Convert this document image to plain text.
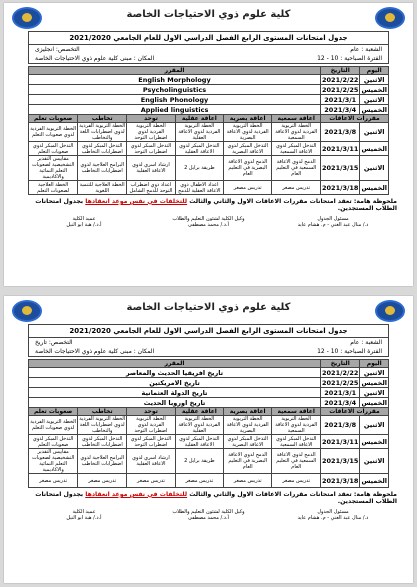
كلية علوم ذوي الاحتياجات الخاصة
جدول امتحانات المستوى الرابع الفصل الدراسي الاول للعام الجامعي 2021/2020
الشعبة : عام
التخصص: انجليزى
الفترة الصباحية : 10 - 12
المكان : مبنى كلية علوم ذوي الاحتياجات الخاصة
اليوم	التاريخ	المقرر					
الاثنين	2021/2/22	English Morphology					
الخميس	2021/2/25	Psycholinguistics					
الاثنين	2021/3/1	English Phonology					
الخميس	2021/3/4	Applied linguistics					
مقررات الاعاقات		اعاقة سمعية	اعاقة بصرية	اعاقة عقلية	توحد	تخاطب	صعوبات تعلم
الاثنين	2021/3/8	الخطة التربوية الفردية لذوي الاعاقة السمعية	الخطة التربوية الفردية لذوي الاعاقة البصرية	الخطة التربوية الفردية لذوي الاعاقة العقلية	الخطة التربوية الفردية لذوي اضطراب التوحد	الخطة التربوية الفردية لذوي اضطرابات اللغة والتخاطب	الخطة التربوية الفردية لذوي صعوبات التعلم
الخميس	2021/3/11	التدخل المبكر لذوي الاعاقة السمعية	التدخل المبكر لذوي الاعاقة البصرية	التدخل المبكر لذوي الاعاقة العقلية	التدخل المبكر لذوي اضطراب التوحد	التدخل المبكر لذوي اضطرابات التخاطب	التدخل المبكر لذوي صعوبات التعلم
الاثنين	2021/3/15	الدمج لذوي الاعاقة السمعية في التعليم العام	الدمج لذوي الاعاقة البصرية في التعليم العام	طريقة برايل 2	ارشاد اسري لذوي الاعاقة العقلية	البرامج العلاجية لذوي اضطرابات التخاطب	مقاييس التقدير التشخيصية لصعوبات التعلم النمائية والاكاديمية
الخميس	2021/3/18	تدريس مصغر	تدريس مصغر	اعداد الاطفال ذوي الاعاقة العقلية للدمج	اعداد ذوي اضطراب التوحد للدمج الشامل	الخطة العلاجية للتنمية اللغوية	الخطة العلاجية لصعوبات التعلم
ملحوظة هامة: تعقد امتحانات مقررات الاعاقات الاول والثاني والثالث للتخلفات في نفس موعد انعقادها بجدول امتحانات الطلاب المستجدين.
مسئول الجدول
د./ منال عبد الغني - م. هشام عايد
وكيل الكلية لشئون التعليم والطلاب
أ.د./ محمد مصطفى
عميد الكلية
أ.د./ هبة ابو النيل
كلية علوم ذوي الاحتياجات الخاصة
جدول امتحانات المستوى الرابع الفصل الدراسي الاول للعام الجامعي 2021/2020
الشعبة : عام
التخصص: تاريخ
الفترة الصباحية : 10 - 12
المكان : مبنى كلية علوم ذوي الاحتياجات الخاصة
اليوم	التاريخ	المقرر					
الاثنين	2021/2/22	تاريخ افريقيا الحديث والمعاصر					
الخميس	2021/2/25	تاريخ الامريكتين					
الاثنين	2021/3/1	تاريخ الدولة العثمانية					
الخميس	2021/3/4	تاريخ اوروبا الحديث					
مقررات الاعاقات		اعاقة سمعية	اعاقة بصرية	اعاقة عقلية	توحد	تخاطب	صعوبات تعلم
الاثنين	2021/3/8	الخطة التربوية الفردية لذوي الاعاقة السمعية	الخطة التربوية الفردية لذوي الاعاقة البصرية	الخطة التربوية الفردية لذوي الاعاقة العقلية	الخطة التربوية الفردية لذوي اضطراب التوحد	الخطة التربوية الفردية لذوي اضطرابات اللغة والتخاطب	الخطة التربوية الفردية لذوي صعوبات التعلم
الخميس	2021/3/11	التدخل المبكر لذوي الاعاقة السمعية	التدخل المبكر لذوي الاعاقة البصرية	التدخل المبكر لذوي الاعاقة العقلية	التدخل المبكر لذوي اضطراب التوحد	التدخل المبكر لذوي اضطرابات التخاطب	التدخل المبكر لذوي صعوبات التعلم
الاثنين	2021/3/15	الدمج لذوي الاعاقة السمعية في التعليم العام	الدمج لذوي الاعاقة البصرية في التعليم العام	طريقة برايل 2	ارشاد اسري لذوي الاعاقة العقلية	البرامج العلاجية لذوي اضطرابات التخاطب	مقاييس التقدير التشخيصية لصعوبات التعلم النمائية والاكاديمية
الخميس	2021/3/18	تدريس مصغر	تدريس مصغر	تدريس مصغر	تدريس مصغر	تدريس مصغر	تدريس مصغر
ملحوظة هامة: تعقد امتحانات مقررات الاعاقات الاول والثاني والثالث للتخلفات في نفس موعد انعقادها بجدول امتحانات الطلاب المستجدين.
مسئول الجدول
د./ منال عبد الغني - م. هشام عايد
وكيل الكلية لشئون التعليم والطلاب
أ.د./ محمد مصطفى
عميد الكلية
أ.د./ هبة ابو النيل
